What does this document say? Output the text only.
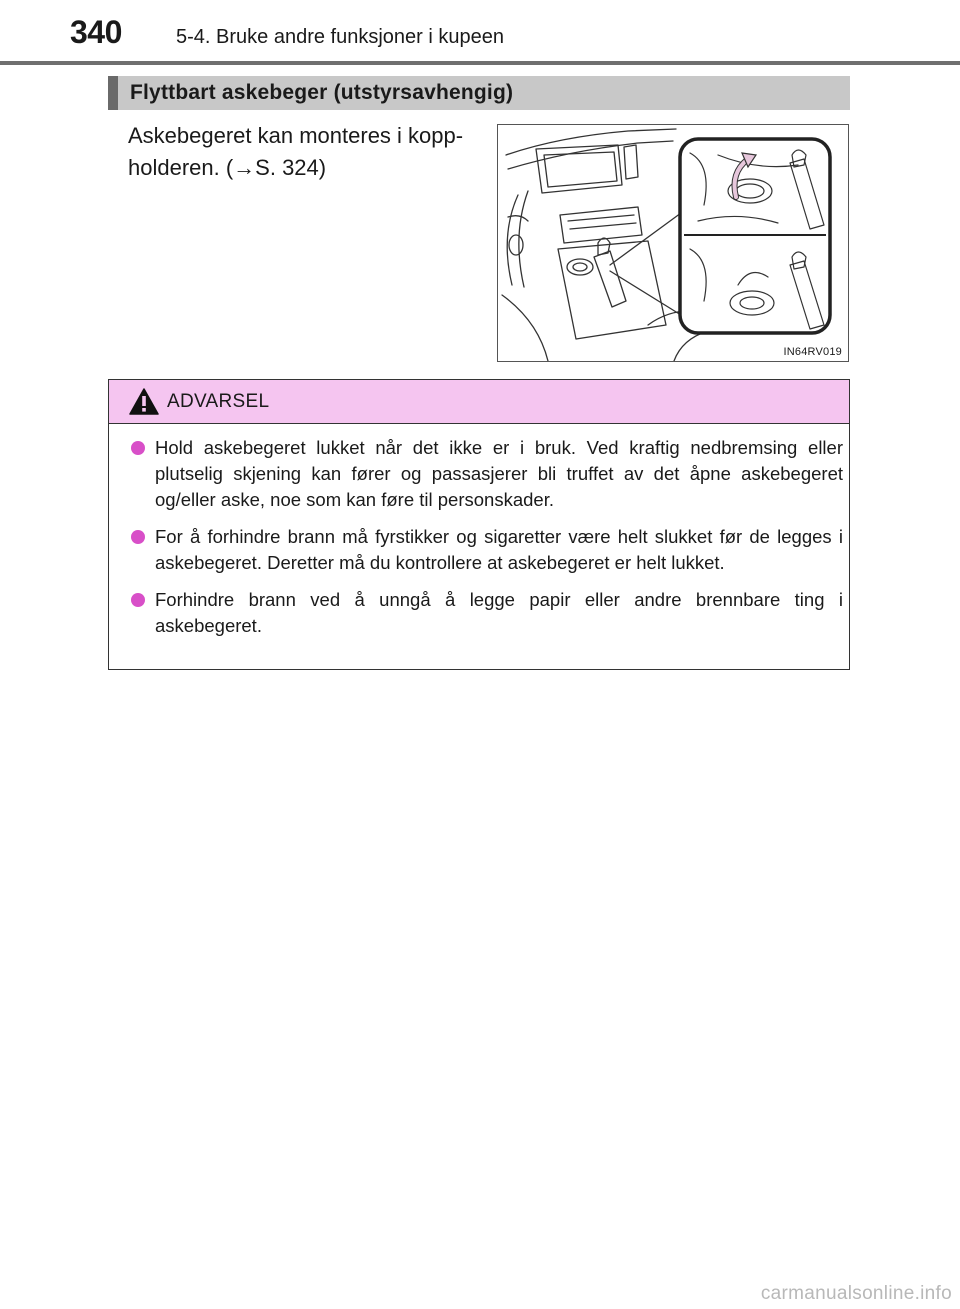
340	5-4. Bruke andre funksjoner i kupeen
Flyttbart askebeger (utstyrsavhengig)
Askebegeret kan monteres i kopp-
holderen. (→S. 324)
IN64RV019
ADVARSEL
Hold askebegeret lukket når det ikke er i bruk. Ved kraftig nedbremsing eller plutselig skjening kan fører og passasjerer bli truffet av det åpne askebegeret og/eller aske, noe som kan føre til personskader.
For å forhindre brann må fyrstikker og sigaretter være helt slukket før de legges i askebegeret. Deretter må du kontrollere at askebegeret er helt lukket.
Forhindre brann ved å unngå å legge papir eller andre brennbare ting i askebegeret.
carmanualsonline.info
